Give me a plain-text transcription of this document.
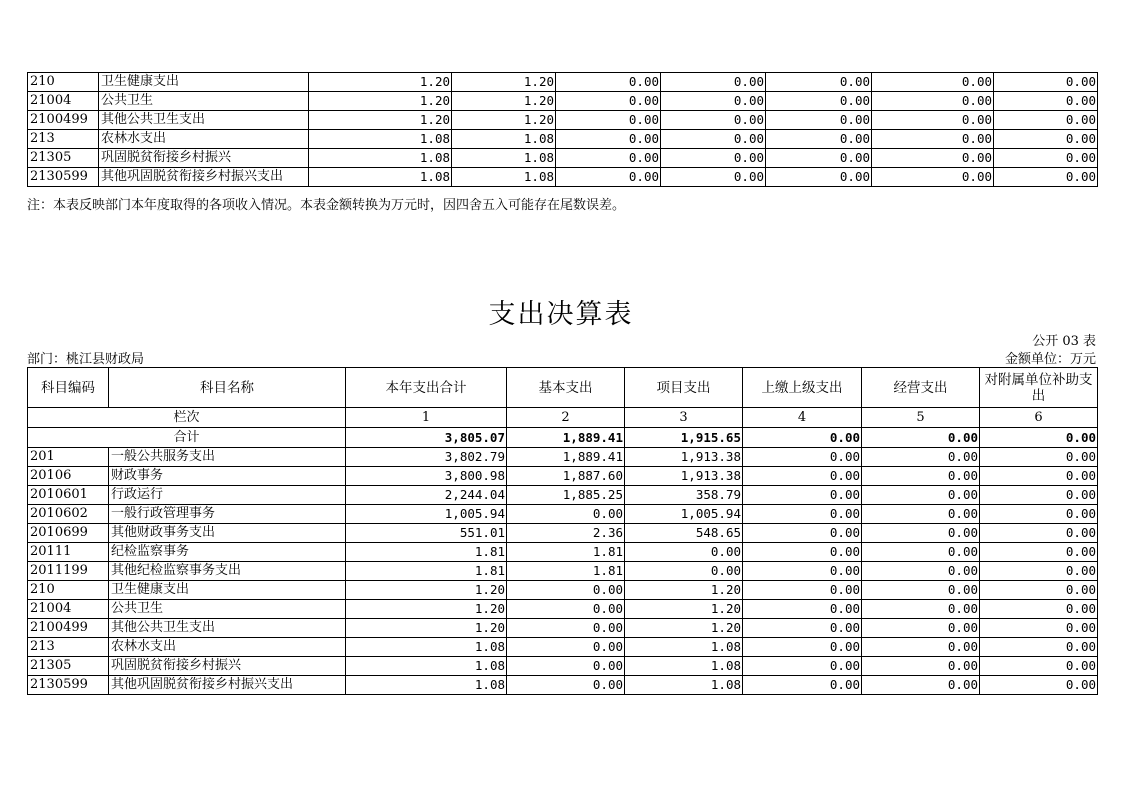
210	卫生健康支出	1.20	1.20	0.00	0.00	0.00	0.00	0.00
21004	公共卫生	1.20	1.20	0.00	0.00	0.00	0.00	0.00
2100499	其他公共卫生支出	1.20	1.20	0.00	0.00	0.00	0.00	0.00
213	农林水支出	1.08	1.08	0.00	0.00	0.00	0.00	0.00
21305	巩固脱贫衔接乡村振兴	1.08	1.08	0.00	0.00	0.00	0.00	0.00
2130599	其他巩固脱贫衔接乡村振兴支出	1.08	1.08	0.00	0.00	0.00	0.00	0.00
注：本表反映部门本年度取得的各项收入情况。本表金额转换为万元时，因四舍五入可能存在尾数误差。
支出决算表
公开 03 表
部门：桃江县财政局	金额单位：万元
科目编码	科目名称	本年支出合计	基本支出	项目支出	上缴上级支出	经营支出	对附属单位补助支出
栏次		1	2	3	4	5	6
合计		3,805.07	1,889.41	1,915.65	0.00	0.00	0.00
201	一般公共服务支出	3,802.79	1,889.41	1,913.38	0.00	0.00	0.00
20106	财政事务	3,800.98	1,887.60	1,913.38	0.00	0.00	0.00
2010601	行政运行	2,244.04	1,885.25	358.79	0.00	0.00	0.00
2010602	一般行政管理事务	1,005.94	0.00	1,005.94	0.00	0.00	0.00
2010699	其他财政事务支出	551.01	2.36	548.65	0.00	0.00	0.00
20111	纪检监察事务	1.81	1.81	0.00	0.00	0.00	0.00
2011199	其他纪检监察事务支出	1.81	1.81	0.00	0.00	0.00	0.00
210	卫生健康支出	1.20	0.00	1.20	0.00	0.00	0.00
21004	公共卫生	1.20	0.00	1.20	0.00	0.00	0.00
2100499	其他公共卫生支出	1.20	0.00	1.20	0.00	0.00	0.00
213	农林水支出	1.08	0.00	1.08	0.00	0.00	0.00
21305	巩固脱贫衔接乡村振兴	1.08	0.00	1.08	0.00	0.00	0.00
2130599	其他巩固脱贫衔接乡村振兴支出	1.08	0.00	1.08	0.00	0.00	0.00
